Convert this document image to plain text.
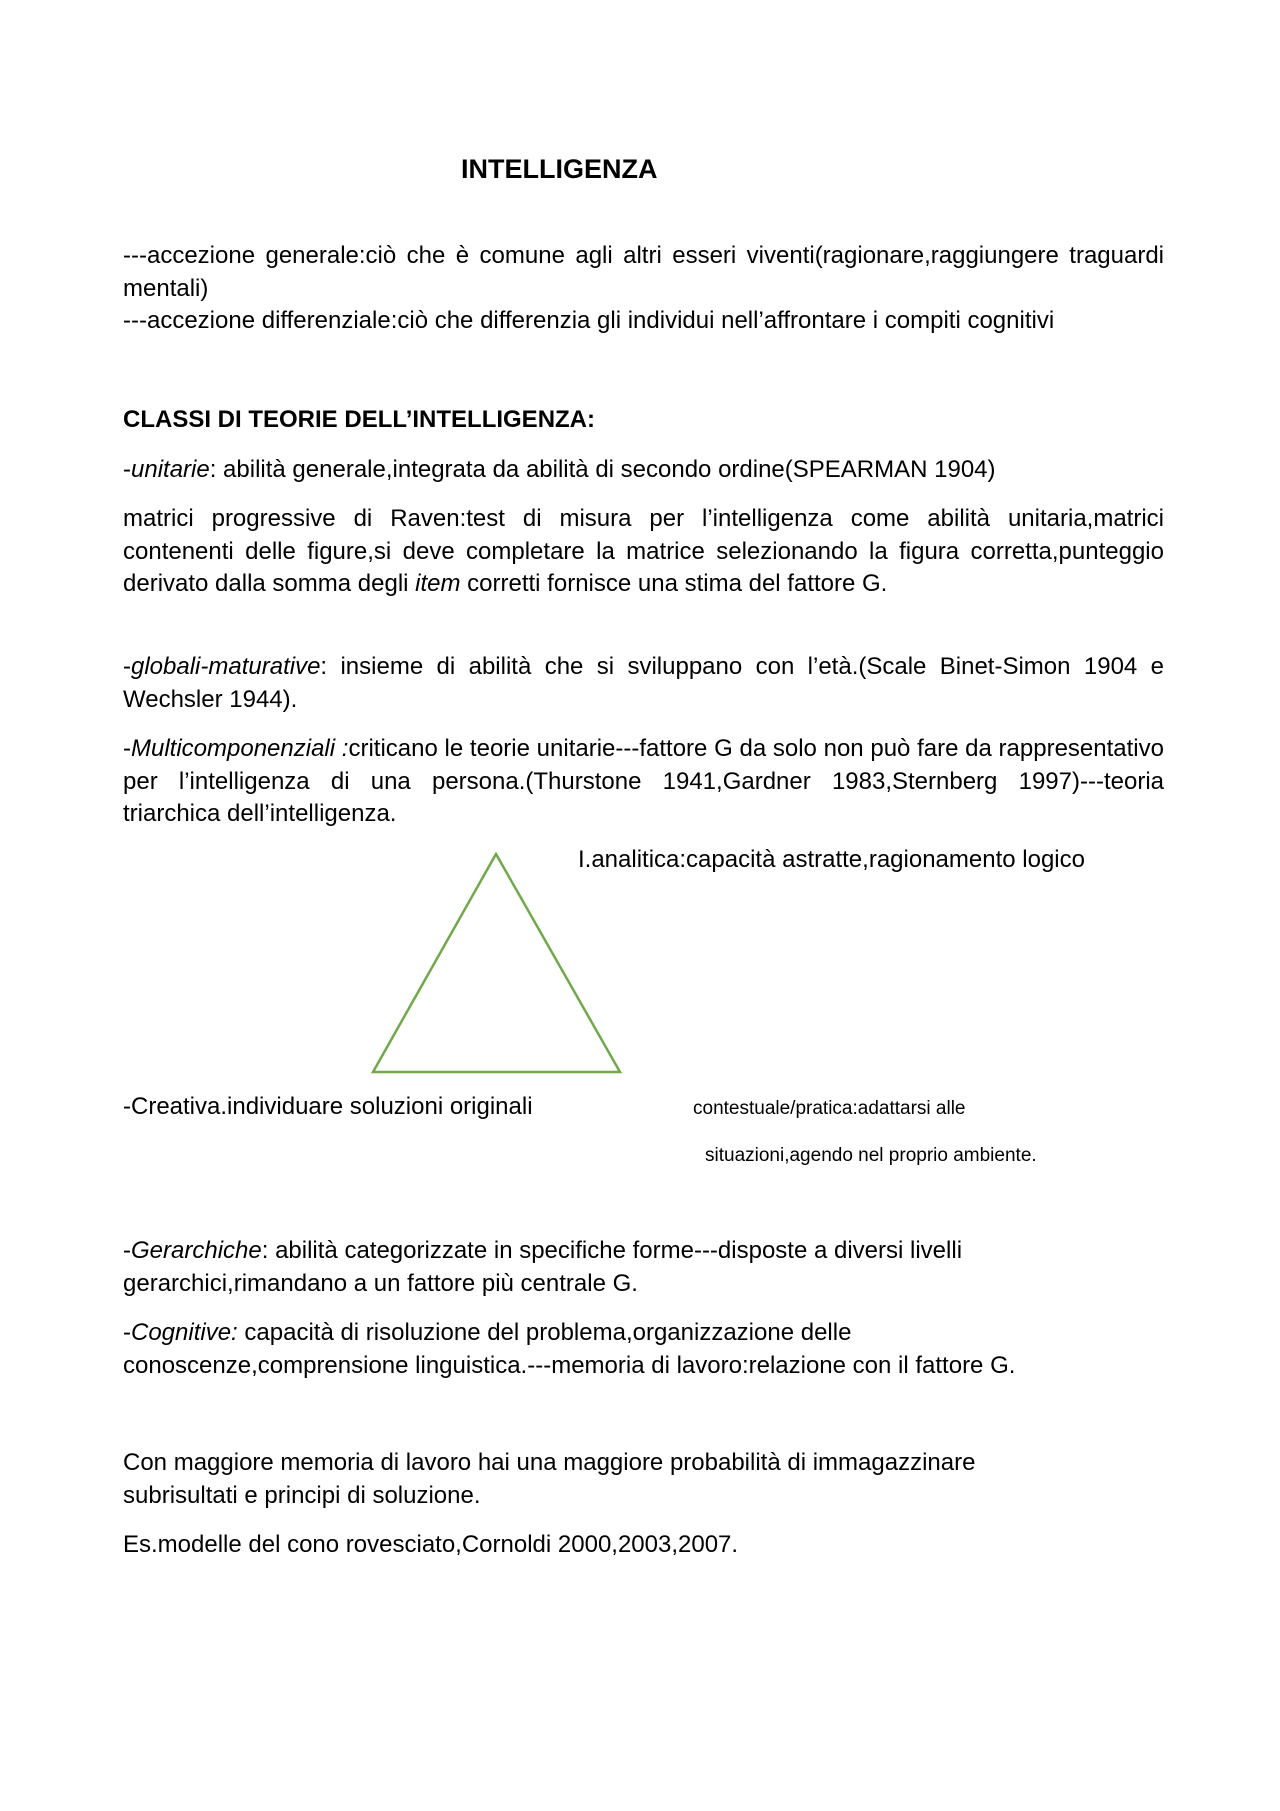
INTELLIGENZA
---accezione generale:ciò che è comune agli altri esseri viventi(ragionare,raggiungere traguardi mentali)
---accezione differenziale:ciò che differenzia gli individui nell’affrontare i compiti cognitivi
CLASSI DI TEORIE DELL’INTELLIGENZA:
-unitarie: abilità generale,integrata da abilità di secondo ordine(SPEARMAN 1904)
matrici progressive di Raven:test di misura per l’intelligenza come abilità unitaria,matrici contenenti delle figure,si deve completare la matrice selezionando la figura corretta,punteggio derivato dalla somma degli item corretti fornisce una stima del fattore G.
-globali-maturative: insieme di abilità che si sviluppano con l’età.(Scale Binet-Simon 1904 e Wechsler 1944).
-Multicomponenziali :criticano le teorie unitarie---fattore G da solo non può fare da rappresentativo per l’intelligenza di una persona.(Thurstone 1941,Gardner 1983,Sternberg 1997)---teoria triarchica dell’intelligenza.
I.analitica:capacità astratte,ragionamento logico
-Creativa.individuare soluzioni originali	contestuale/pratica:adattarsi alle
situazioni,agendo nel proprio ambiente.
-Gerarchiche: abilità categorizzate in specifiche forme---disposte a diversi livelli gerarchici,rimandano a un fattore più centrale G.
-Cognitive: capacità di risoluzione del problema,organizzazione delle conoscenze,comprensione linguistica.---memoria di lavoro:relazione con il fattore G.
Con maggiore memoria di lavoro hai una maggiore probabilità di immagazzinare subrisultati e principi di soluzione.
Es.modelle del cono rovesciato,Cornoldi 2000,2003,2007.
